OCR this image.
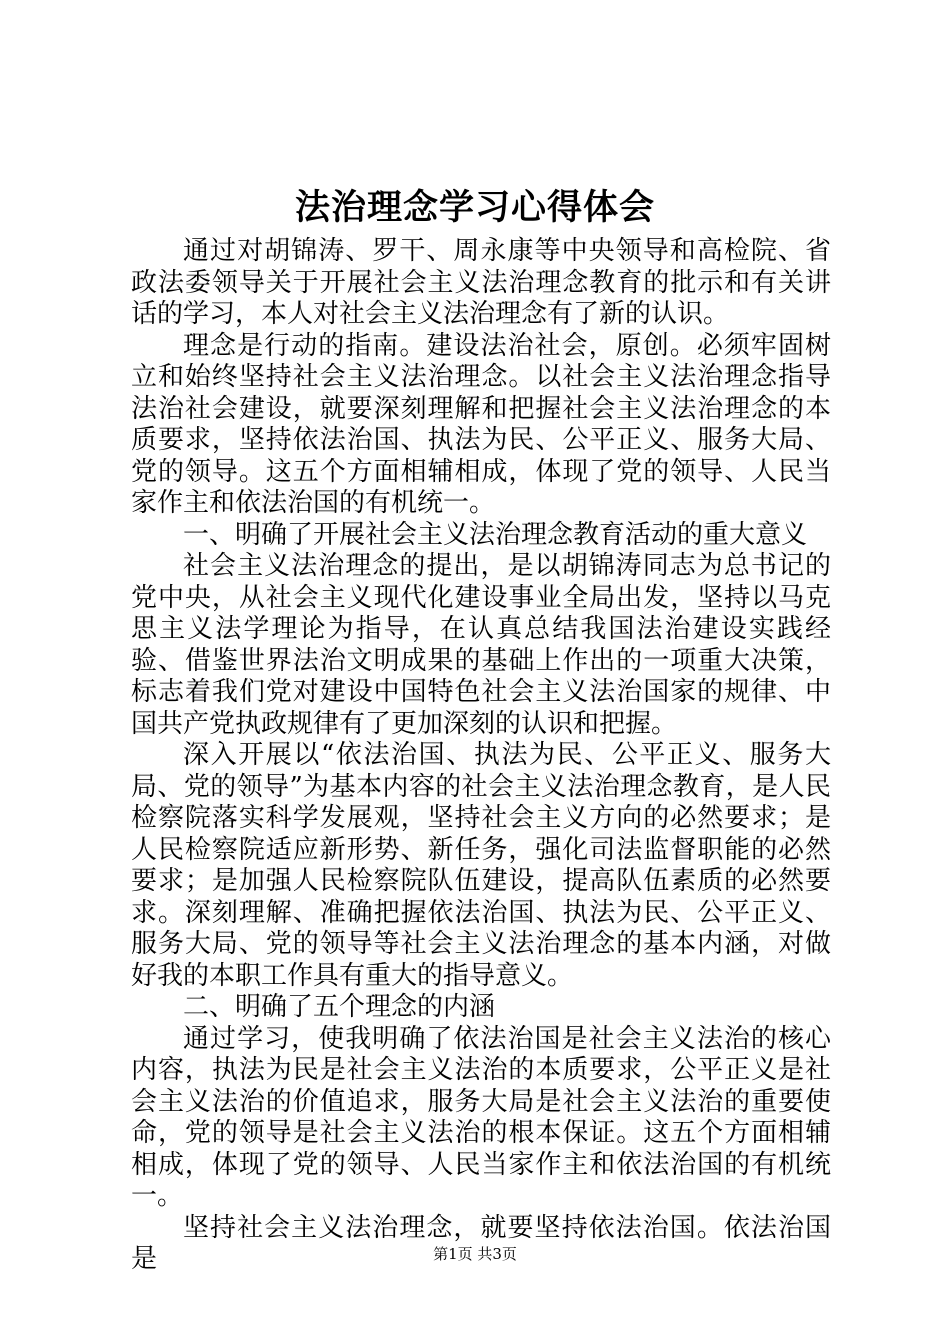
法治理念学习心得体会

通过对胡锦涛、罗干、周永康等中央领导和高检院、省政法委领导关于开展社会主义法治理念教育的批示和有关讲话的学习，本人对社会主义法治理念有了新的认识。

理念是行动的指南。建设法治社会，原创。必须牢固树立和始终坚持社会主义法治理念。以社会主义法治理念指导法治社会建设，就要深刻理解和把握社会主义法治理念的本质要求，坚持依法治国、执法为民、公平正义、服务大局、党的领导。这五个方面相辅相成，体现了党的领导、人民当家作主和依法治国的有机统一。

一、明确了开展社会主义法治理念教育活动的重大意义

社会主义法治理念的提出，是以胡锦涛同志为总书记的党中央，从社会主义现代化建设事业全局出发，坚持以马克思主义法学理论为指导，在认真总结我国法治建设实践经验、借鉴世界法治文明成果的基础上作出的一项重大决策，标志着我们党对建设中国特色社会主义法治国家的规律、中国共产党执政规律有了更加深刻的认识和把握。

深入开展以“依法治国、执法为民、公平正义、服务大局、党的领导”为基本内容的社会主义法治理念教育，是人民检察院落实科学发展观，坚持社会主义方向的必然要求；是人民检察院适应新形势、新任务，强化司法监督职能的必然要求；是加强人民检察院队伍建设，提高队伍素质的必然要求。深刻理解、准确把握依法治国、执法为民、公平正义、服务大局、党的领导等社会主义法治理念的基本内涵，对做好我的本职工作具有重大的指导意义。

二、明确了五个理念的内涵

通过学习，使我明确了依法治国是社会主义法治的核心内容，执法为民是社会主义法治的本质要求，公平正义是社会主义法治的价值追求，服务大局是社会主义法治的重要使命，党的领导是社会主义法治的根本保证。这五个方面相辅相成，体现了党的领导、人民当家作主和依法治国的有机统一。

坚持社会主义法治理念，就要坚持依法治国。依法治国是	第1页 共3页
